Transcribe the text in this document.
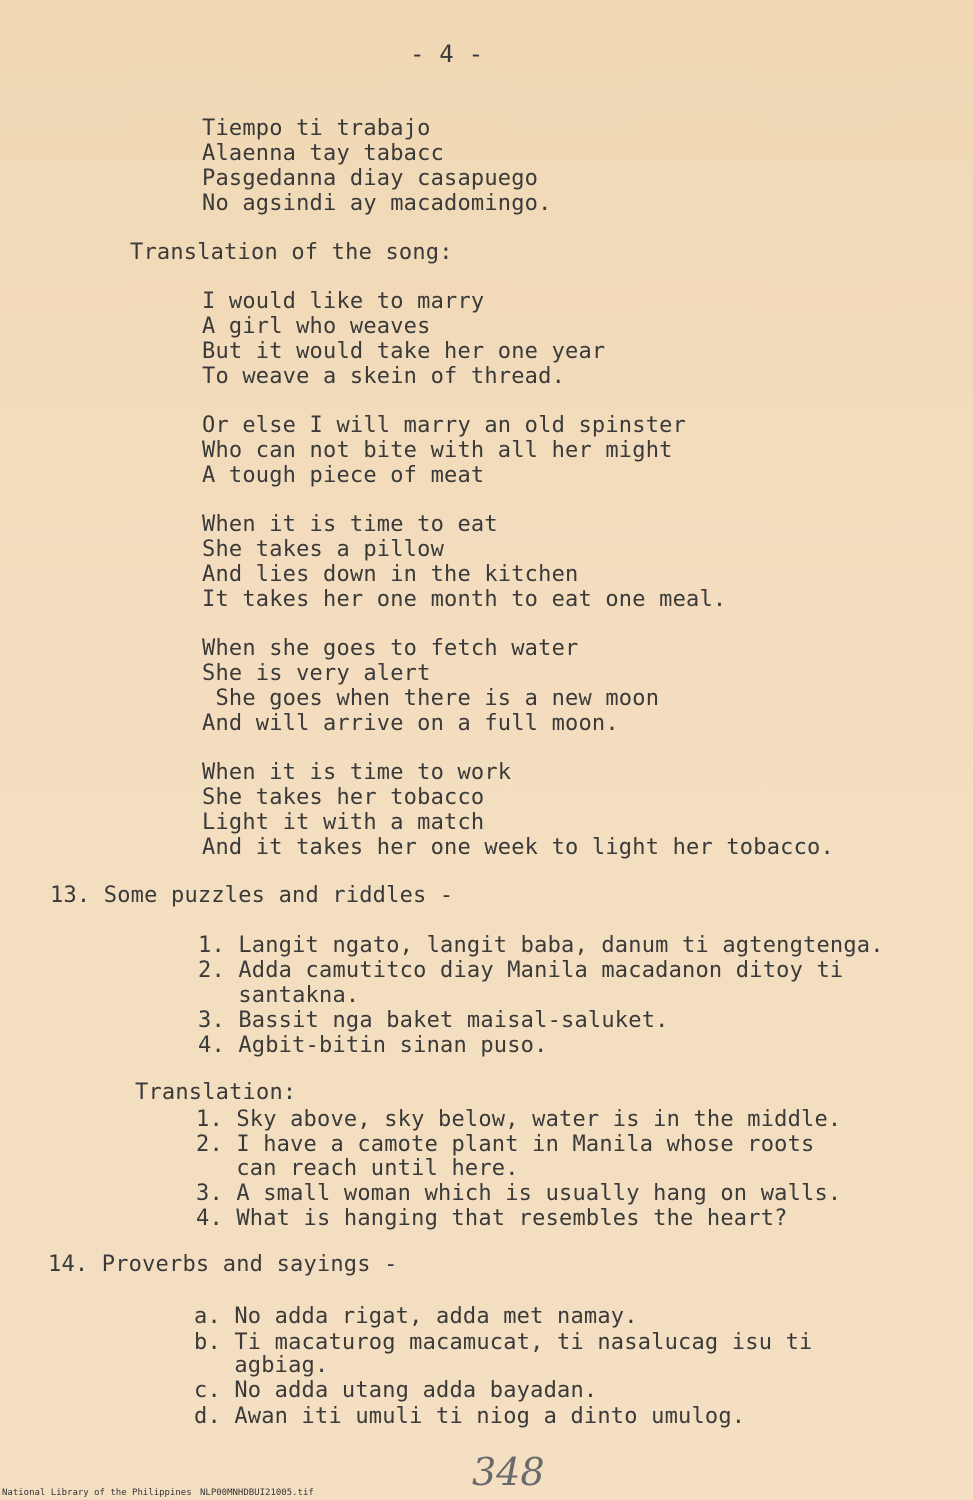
- 4 -
Tiempo ti trabajo
Alaenna tay tabacc
Pasgedanna diay casapuego
No agsindi ay macadomingo.
Translation of the song:
I would like to marry
A girl who weaves
But it would take her one year
To weave a skein of thread.
Or else I will marry an old spinster
Who can not bite with all her might
A tough piece of meat
When it is time to eat
She takes a pillow
And lies down in the kitchen
It takes her one month to eat one meal.
When she goes to fetch water
She is very alert
She goes when there is a new moon
And will arrive on a full moon.
When it is time to work
She takes her tobacco
Light it with a match
And it takes her one week to light her tobacco.
13. Some puzzles and riddles -
1. Langit ngato, langit baba, danum ti agtengtenga.
2. Adda camutitco diay Manila macadanon ditoy ti
santakna.
3. Bassit nga baket maisal-saluket.
4. Agbit-bitin sinan puso.
Translation:
1. Sky above, sky below, water is in the middle.
2. I have a camote plant in Manila whose roots
can reach until here.
3. A small woman which is usually hang on walls.
4. What is hanging that resembles the heart?
14. Proverbs and sayings -
a. No adda rigat, adda met namay.
b. Ti macaturog macamucat, ti nasalucag isu ti
agbiag.
c. No adda utang adda bayadan.
d. Awan iti umuli ti niog a dinto umulog.
348
National Library of the Philippines NLP00MNHDBUI21005.tif
